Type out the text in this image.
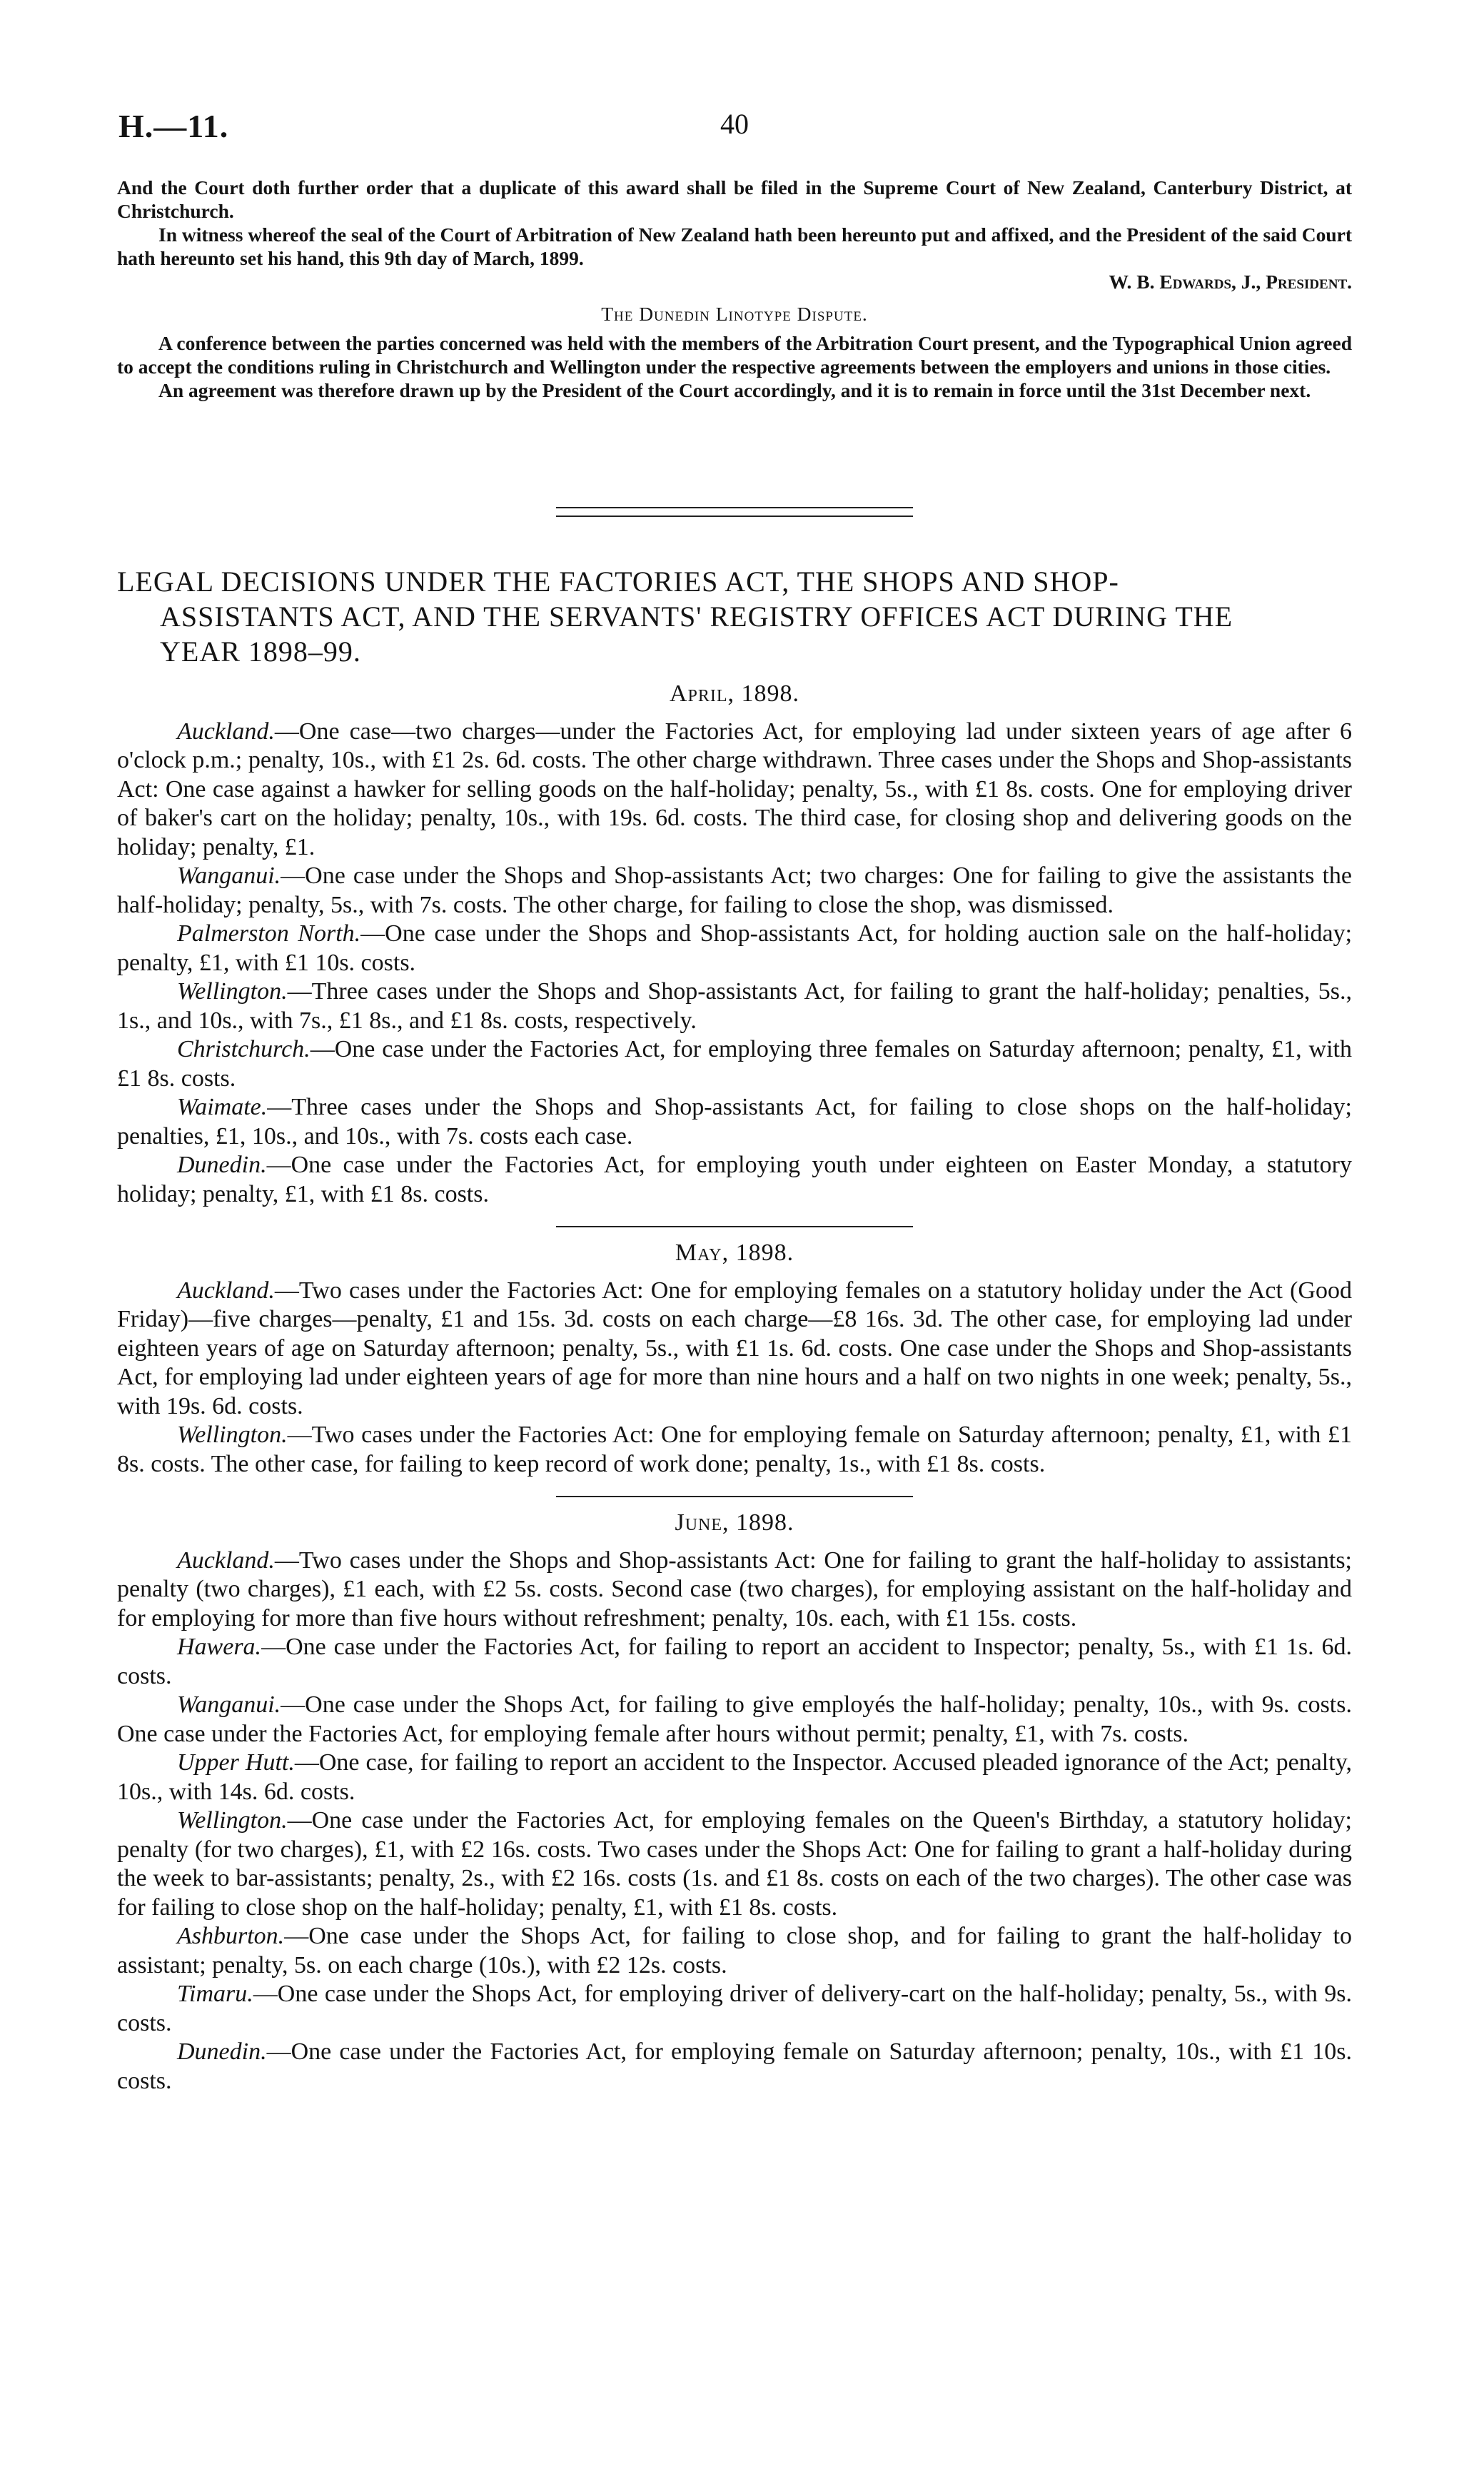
H.—11.	40

And the Court doth further order that a duplicate of this award shall be filed in the Supreme Court of New Zealand, Canterbury District, at Christchurch.

In witness whereof the seal of the Court of Arbitration of New Zealand hath been hereunto put and affixed, and the President of the said Court hath hereunto set his hand, this 9th day of March, 1899.

W. B. Edwards, J., President.

The Dunedin Linotype Dispute.

A conference between the parties concerned was held with the members of the Arbitration Court present, and the Typographical Union agreed to accept the conditions ruling in Christchurch and Wellington under the respective agreements between the employers and unions in those cities.

An agreement was therefore drawn up by the President of the Court accordingly, and it is to remain in force until the 31st December next.

LEGAL DECISIONS UNDER THE FACTORIES ACT, THE SHOPS AND SHOP-
ASSISTANTS ACT, AND THE SERVANTS' REGISTRY OFFICES ACT DURING THE
YEAR 1898–99.

April, 1898.

Auckland.—One case—two charges—under the Factories Act, for employing lad under sixteen years of age after 6 o'clock p.m.; penalty, 10s., with £1 2s. 6d. costs. The other charge withdrawn. Three cases under the Shops and Shop-assistants Act: One case against a hawker for selling goods on the half-holiday; penalty, 5s., with £1 8s. costs. One for employing driver of baker's cart on the holiday; penalty, 10s., with 19s. 6d. costs. The third case, for closing shop and delivering goods on the holiday; penalty, £1.

Wanganui.—One case under the Shops and Shop-assistants Act; two charges: One for failing to give the assistants the half-holiday; penalty, 5s., with 7s. costs. The other charge, for failing to close the shop, was dismissed.

Palmerston North.—One case under the Shops and Shop-assistants Act, for holding auction sale on the half-holiday; penalty, £1, with £1 10s. costs.

Wellington.—Three cases under the Shops and Shop-assistants Act, for failing to grant the half-holiday; penalties, 5s., 1s., and 10s., with 7s., £1 8s., and £1 8s. costs, respectively.

Christchurch.—One case under the Factories Act, for employing three females on Saturday afternoon; penalty, £1, with £1 8s. costs.

Waimate.—Three cases under the Shops and Shop-assistants Act, for failing to close shops on the half-holiday; penalties, £1, 10s., and 10s., with 7s. costs each case.

Dunedin.—One case under the Factories Act, for employing youth under eighteen on Easter Monday, a statutory holiday; penalty, £1, with £1 8s. costs.

May, 1898.

Auckland.—Two cases under the Factories Act: One for employing females on a statutory holiday under the Act (Good Friday)—five charges—penalty, £1 and 15s. 3d. costs on each charge—£8 16s. 3d. The other case, for employing lad under eighteen years of age on Saturday afternoon; penalty, 5s., with £1 1s. 6d. costs. One case under the Shops and Shop-assistants Act, for employing lad under eighteen years of age for more than nine hours and a half on two nights in one week; penalty, 5s., with 19s. 6d. costs.

Wellington.—Two cases under the Factories Act: One for employing female on Saturday afternoon; penalty, £1, with £1 8s. costs. The other case, for failing to keep record of work done; penalty, 1s., with £1 8s. costs.

June, 1898.

Auckland.—Two cases under the Shops and Shop-assistants Act: One for failing to grant the half-holiday to assistants; penalty (two charges), £1 each, with £2 5s. costs. Second case (two charges), for employing assistant on the half-holiday and for employing for more than five hours without refreshment; penalty, 10s. each, with £1 15s. costs.

Hawera.—One case under the Factories Act, for failing to report an accident to Inspector; penalty, 5s., with £1 1s. 6d. costs.

Wanganui.—One case under the Shops Act, for failing to give employés the half-holiday; penalty, 10s., with 9s. costs. One case under the Factories Act, for employing female after hours without permit; penalty, £1, with 7s. costs.

Upper Hutt.—One case, for failing to report an accident to the Inspector. Accused pleaded ignorance of the Act; penalty, 10s., with 14s. 6d. costs.

Wellington.—One case under the Factories Act, for employing females on the Queen's Birthday, a statutory holiday; penalty (for two charges), £1, with £2 16s. costs. Two cases under the Shops Act: One for failing to grant a half-holiday during the week to bar-assistants; penalty, 2s., with £2 16s. costs (1s. and £1 8s. costs on each of the two charges). The other case was for failing to close shop on the half-holiday; penalty, £1, with £1 8s. costs.

Ashburton.—One case under the Shops Act, for failing to close shop, and for failing to grant the half-holiday to assistant; penalty, 5s. on each charge (10s.), with £2 12s. costs.

Timaru.—One case under the Shops Act, for employing driver of delivery-cart on the half-holiday; penalty, 5s., with 9s. costs.

Dunedin.—One case under the Factories Act, for employing female on Saturday afternoon; penalty, 10s., with £1 10s. costs.
